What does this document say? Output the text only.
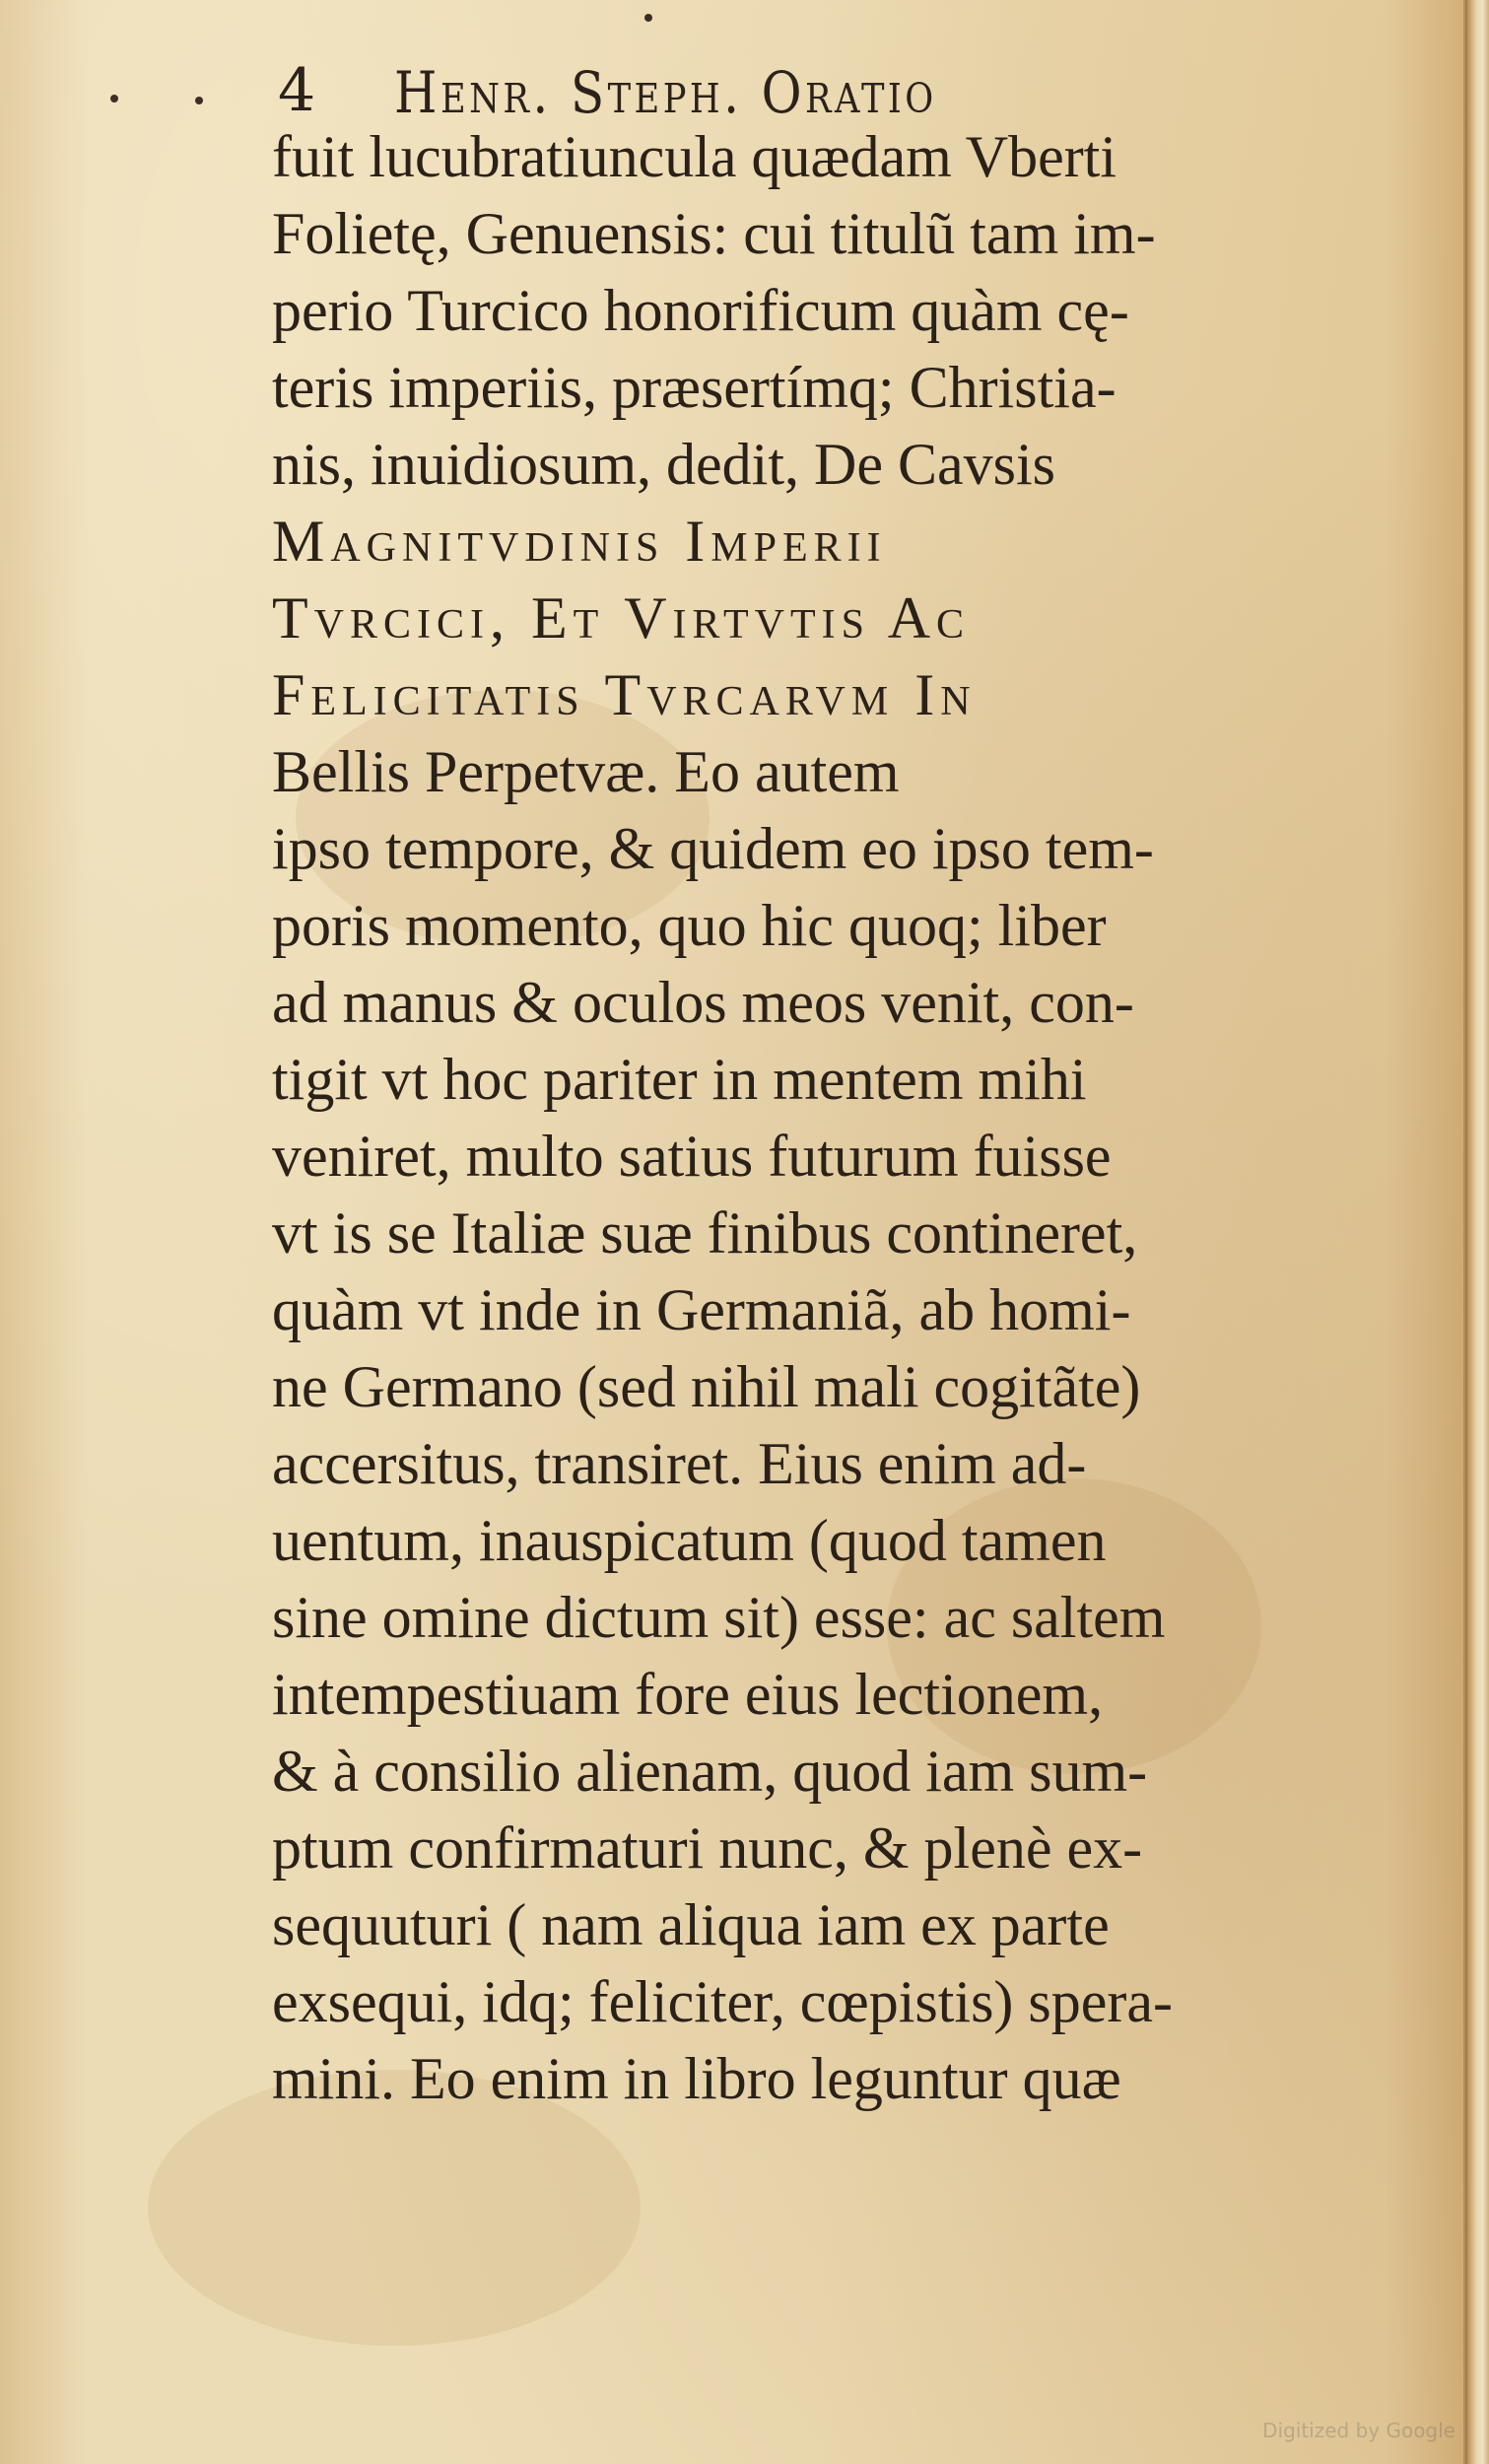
4 Henr. Steph. Oratio
fuit lucubratiuncula quædam Vberti
Folietę, Genuensis: cui titulũ tam im-
perio Turcico honorificum quàm cę-
teris imperiis, præsertímq; Christia-
nis, inuidiosum, dedit, De Cavsis
Magnitvdinis Imperii
Tvrcici, Et Virtvtis Ac
Felicitatis Tvrcarvm In
Bellis Perpetvæ. Eo autem
ipso tempore, & quidem eo ipso tem-
poris momento, quo hic quoq; liber
ad manus & oculos meos venit, con-
tigit vt hoc pariter in mentem mihi
veniret, multo satius futurum fuisse
vt is se Italiæ suæ finibus contineret,
quàm vt inde in Germaniã, ab homi-
ne Germano (sed nihil mali cogitãte)
accersitus, transiret. Eius enim ad-
uentum, inauspicatum (quod tamen
sine omine dictum sit) esse: ac saltem
intempestiuam fore eius lectionem,
& à consilio alienam, quod iam sum-
ptum confirmaturi nunc, & plenè ex-
sequuturi ( nam aliqua iam ex parte
exsequi, idq; feliciter, cœpistis) spera-
mini. Eo enim in libro leguntur quæ
Digitized by Google
